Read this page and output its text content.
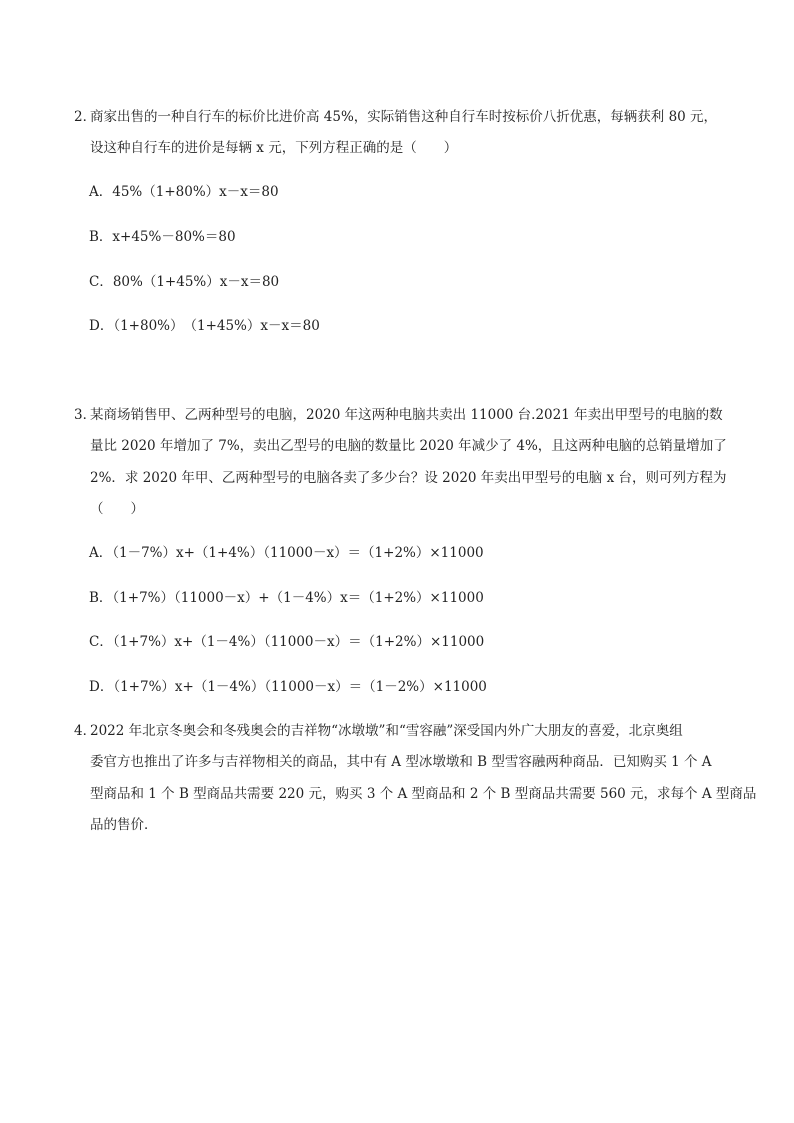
2．
商家出售的一种自行车的标价比进价高 45%，实际销售这种自行车时按标价八折优惠，每辆获利 80 元，
设这种自行车的进价是每辆 x 元，下列方程正确的是（　　）
A．45%（1+80%）x－x＝80
B．x+45%－80%＝80
C．80%（1+45%）x－x＝80
D．（1+80%）　（1+45%）x－x＝80
3．
某商场销售甲、乙两种型号的电脑，2020 年这两种电脑共卖出 11000 台.2021 年卖出甲型号的电脑的数
量比 2020 年增加了 7%，卖出乙型号的电脑的数量比 2020 年减少了 4%，且这两种电脑的总销量增加了
2%．求 2020 年甲、乙两种型号的电脑各卖了多少台？设 2020 年卖出甲型号的电脑 x 台，则可列方程为
（　　）
A．（1－7%）x+（1+4%）（11000－x）＝（1+2%）×11000
B．（1+7%）（11000－x）+（1－4%）x＝（1+2%）×11000
C．（1+7%）x+（1－4%）（11000－x）＝（1+2%）×11000
D．（1+7%）x+（1－4%）（11000－x）＝（1－2%）×11000
4．
2022 年北京冬奥会和冬残奥会的吉祥物“冰墩墩”和“雪容融”深受国内外广大朋友的喜爱，北京奥组
委官方也推出了许多与吉祥物相关的商品，其中有 A 型冰墩墩和 B 型雪容融两种商品．已知购买 1 个 A
型商品和 1 个 B 型商品共需要 220 元，购买 3 个 A 型商品和 2 个 B 型商品共需要 560 元，求每个 A 型商品
品的售价．
